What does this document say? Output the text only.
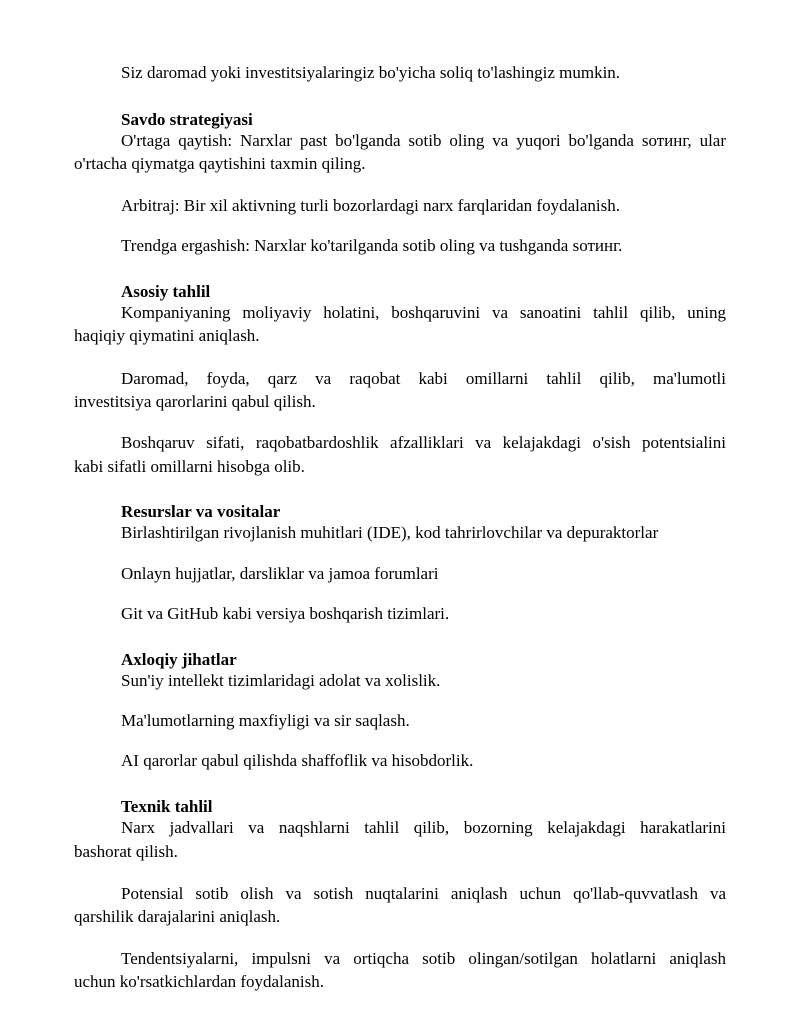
Siz daromad yoki investitsiyalaringiz bo'yicha soliq to'lashingiz mumkin.
Savdo strategiyasi
O'rtaga qaytish: Narxlar past bo'lganda sotib oling va yuqori bo'lganda sотинг, ular
o'rtacha qiymatga qaytishini taxmin qiling.
Arbitraj: Bir xil aktivning turli bozorlardagi narx farqlaridan foydalanish.
Trendga ergashish: Narxlar ko'tarilganda sotib oling va tushganda sотинг.
Asosiy tahlil
Kompaniyaning moliyaviy holatini, boshqaruvini va sanoatini tahlil qilib, uning
haqiqiy qiymatini aniqlash.
Daromad, foyda, qarz va raqobat kabi omillarni tahlil qilib, ma'lumotli
investitsiya qarorlarini qabul qilish.
Boshqaruv sifati, raqobatbardoshlik afzalliklari va kelajakdagi o'sish potentsialini
kabi sifatli omillarni hisobga olib.
Resurslar va vositalar
Birlashtirilgan rivojlanish muhitlari (IDE), kod tahrirlovchilar va depuraktorlar
Onlayn hujjatlar, darsliklar va jamoa forumlari
Git va GitHub kabi versiya boshqarish tizimlari.
Axloqiy jihatlar
Sun'iy intellekt tizimlaridagi adolat va xolislik.
Ma'lumotlarning maxfiyligi va sir saqlash.
AI qarorlar qabul qilishda shaffoflik va hisobdorlik.
Texnik tahlil
Narx jadvallari va naqshlarni tahlil qilib, bozorning kelajakdagi harakatlarini
bashorat qilish.
Potensial sotib olish va sotish nuqtalarini aniqlash uchun qo'llab-quvvatlash va
qarshilik darajalarini aniqlash.
Tendentsiyalarni, impulsni va ortiqcha sotib olingan/sotilgan holatlarni aniqlash
uchun ko'rsatkichlardan foydalanish.
